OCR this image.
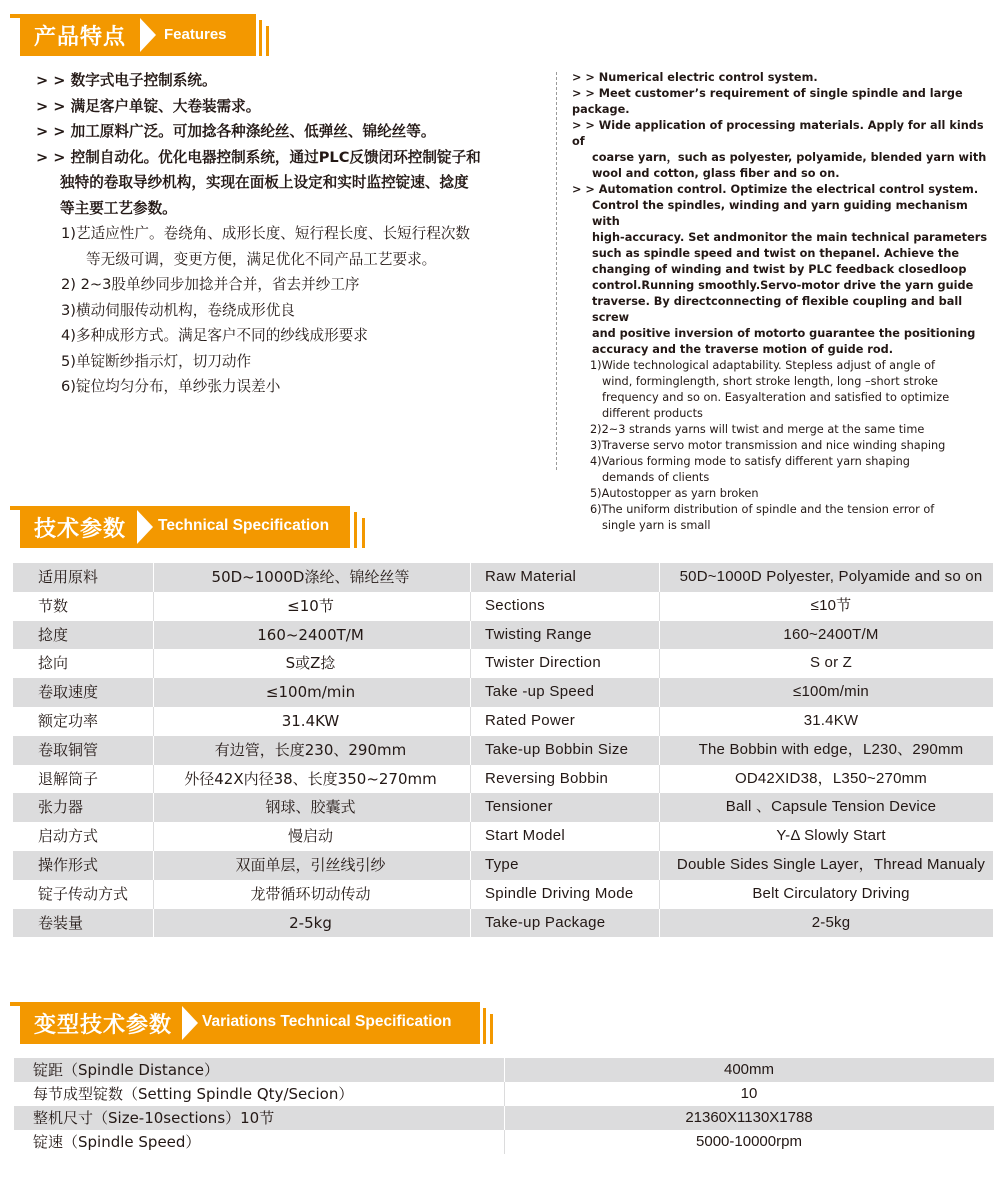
产品特点	Features
> > 数字式电子控制系统。
> > 满足客户单锭、大卷装需求。
> > 加工原料广泛。可加捻各种涤纶丝、低弹丝、锦纶丝等。
> > 控制自动化。优化电器控制系统，通过PLC反馈闭环控制锭子和
独特的卷取导纱机构，实现在面板上设定和实时监控锭速、捻度
等主要工艺参数。
1)艺适应性广。卷绕角、成形长度、短行程长度、长短行程次数
等无级可调，变更方便，满足优化不同产品工艺要求。
2) 2~3股单纱同步加捻并合并，省去并纱工序
3)横动伺服传动机构，卷绕成形优良
4)多种成形方式。满足客户不同的纱线成形要求
5)单锭断纱指示灯，切刀动作
6)锭位均匀分布，单纱张力误差小
> > Numerical electric control system.
> > Meet customer’s requirement of single spindle and large package.
> > Wide application of processing materials. Apply for all kinds of
coarse yarn，such as polyester, polyamide, blended yarn with
wool and cotton, glass fiber and so on.
> > Automation control. Optimize the electrical control system.
Control the spindles, winding and yarn guiding mechanism with
high-accuracy. Set andmonitor the main technical parameters
such as spindle speed and twist on thepanel. Achieve the
changing of winding and twist by PLC feedback closedloop
control.Running smoothly.Servo-motor drive the yarn guide
traverse. By directconnecting of flexible coupling and ball screw
and positive inversion of motorto guarantee the positioning
accuracy and the traverse motion of guide rod.
1)Wide technological adaptability. Stepless adjust of angle of
wind, forminglength, short stroke length, long –short stroke
frequency and so on. Easyalteration and satisfied to optimize
different products
2)2~3 strands yarns will twist and merge at the same time
3)Traverse servo motor transmission and nice winding shaping
4)Various forming mode to satisfy different yarn shaping
demands of clients
5)Autostopper as yarn broken
6)The uniform distribution of spindle and the tension error of
single yarn is small
技术参数 Technical Specification
适用原料	50D~1000D涤纶、锦纶丝等	Raw Material	50D~1000D Polyester, Polyamide and so on
节数	≤10节	Sections	≤10节
捻度	160~2400T/M	Twisting Range	160~2400T/M
捻向	S或Z捻	Twister Direction	S or Z
卷取速度	≤100m/min	Take -up Speed	≤100m/min
额定功率	31.4KW	Rated Power	31.4KW
卷取铜管	有边管，长度230、290mm	Take-up Bobbin Size	The Bobbin with edge，L230、290mm
退解筒子	外径42X内径38、长度350~270mm	Reversing Bobbin	OD42XID38，L350~270mm
张力器	钢球、胶囊式	Tensioner	Ball 、Capsule Tension Device
启动方式	慢启动	Start Model	Y-Δ Slowly Start
操作形式	双面单层，引丝线引纱	Type	Double Sides Single Layer，Thread Manualy
锭子传动方式	龙带循环切动传动	Spindle Driving Mode	Belt Circulatory Driving
卷装量	2-5kg	Take-up Package	2-5kg
变型技术参数 Variations Technical Specification
锭距（Spindle Distance）	400mm
每节成型锭数（Setting Spindle Qty/Secion）	10
整机尺寸（Size-10sections）10节	21360X1130X1788
锭速（Spindle Speed）	5000-10000rpm
